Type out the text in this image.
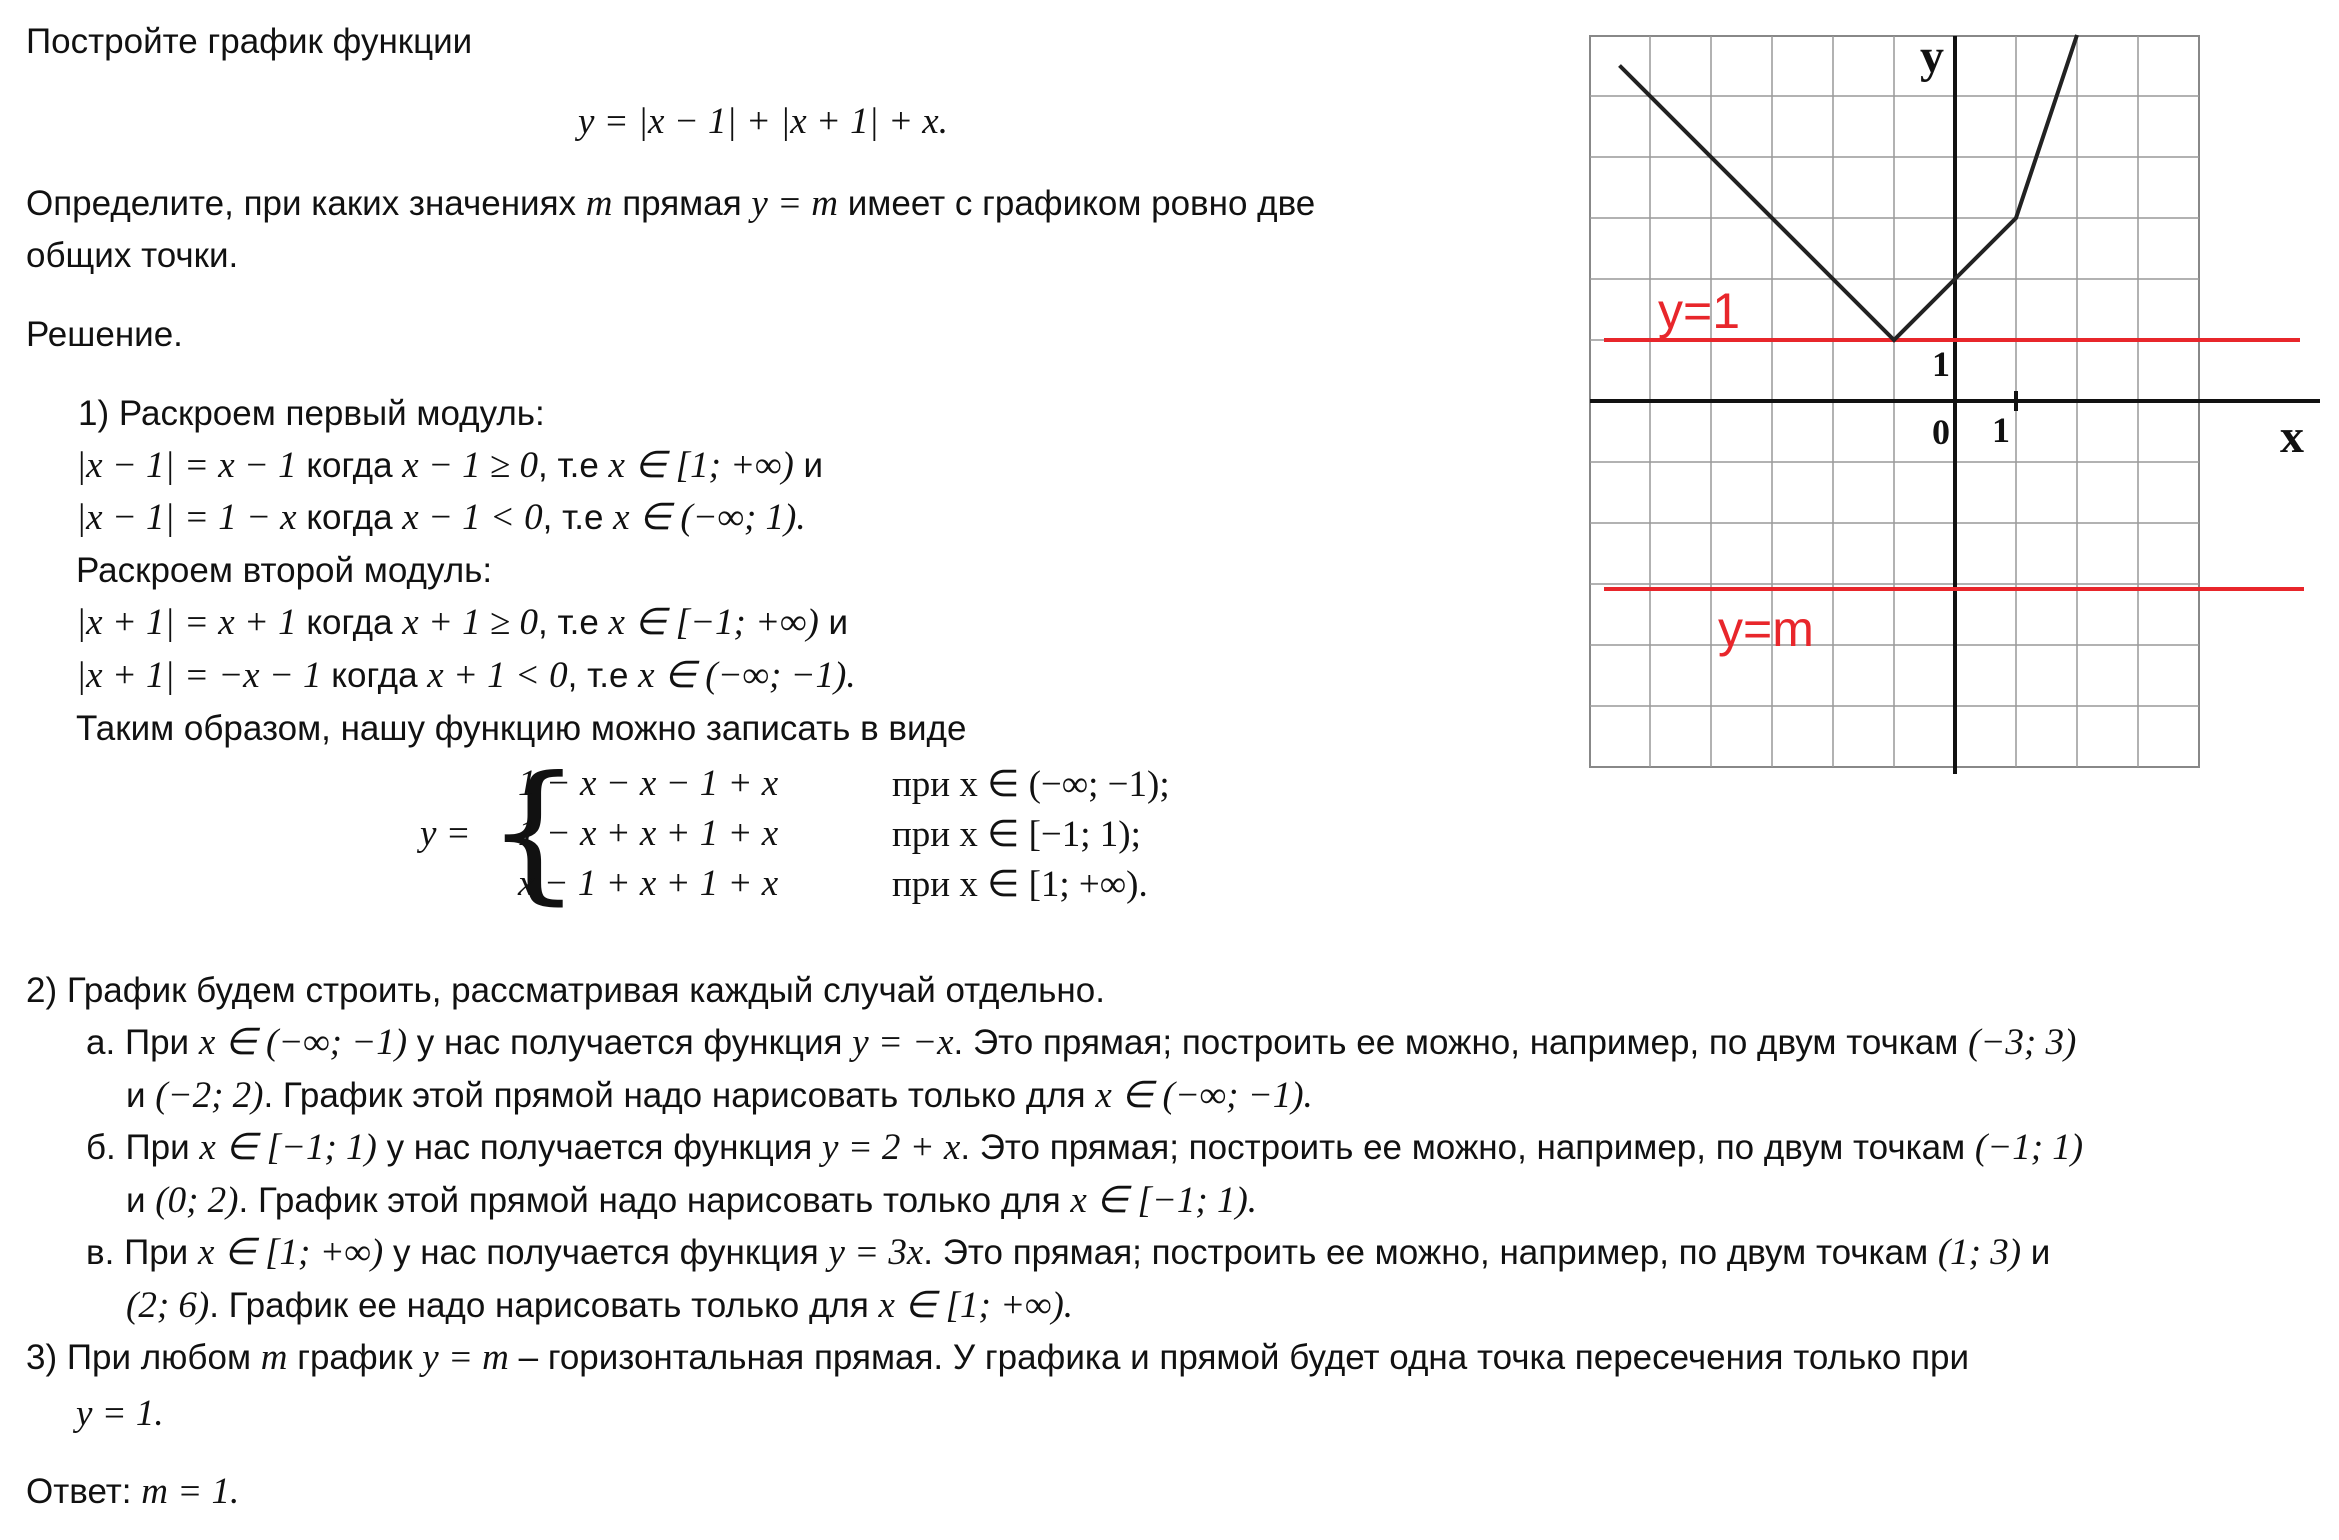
Постройте график функции
y = |x − 1| + |x + 1| + x.
Определите, при каких значениях m прямая y = m имеет с графиком ровно две
общих точки.
Решение.
1) Раскроем первый модуль:
|x − 1| = x − 1 когда x − 1 ≥ 0, т.е x ∈ [1; +∞) и
|x − 1| = 1 − x когда x − 1 < 0, т.е x ∈ (−∞; 1).
Раскроем второй модуль:
|x + 1| = x + 1 когда x + 1 ≥ 0, т.е x ∈ [−1; +∞) и
|x + 1| = −x − 1 когда x + 1 < 0, т.е x ∈ (−∞; −1).
Таким образом, нашу функцию можно записать в виде
y = {
1 − x − x − 1 + x
1 − x + x + 1 + x
x − 1 + x + 1 + x
при x ∈ (−∞; −1);
при x ∈ [−1; 1);
при x ∈ [1; +∞).
2) График будем строить, рассматривая каждый случай отдельно.
а. При x ∈ (−∞; −1) у нас получается функция y = −x. Это прямая; построить ее можно, например, по двум точкам (−3; 3)
и (−2; 2). График этой прямой надо нарисовать только для x ∈ (−∞; −1).
б. При x ∈ [−1; 1) у нас получается функция y = 2 + x. Это прямая; построить ее можно, например, по двум точкам (−1; 1)
и (0; 2). График этой прямой надо нарисовать только для x ∈ [−1; 1).
в. При x ∈ [1; +∞) у нас получается функция y = 3x. Это прямая; построить ее можно, например, по двум точкам (1; 3) и
(2; 6). График ее надо нарисовать только для x ∈ [1; +∞).
3) При любом m график y = m – горизонтальная прямая. У графика и прямой будет одна точка пересечения только при
y = 1.
Ответ: m = 1.
y
x
0 1
1
y=1
y=m
